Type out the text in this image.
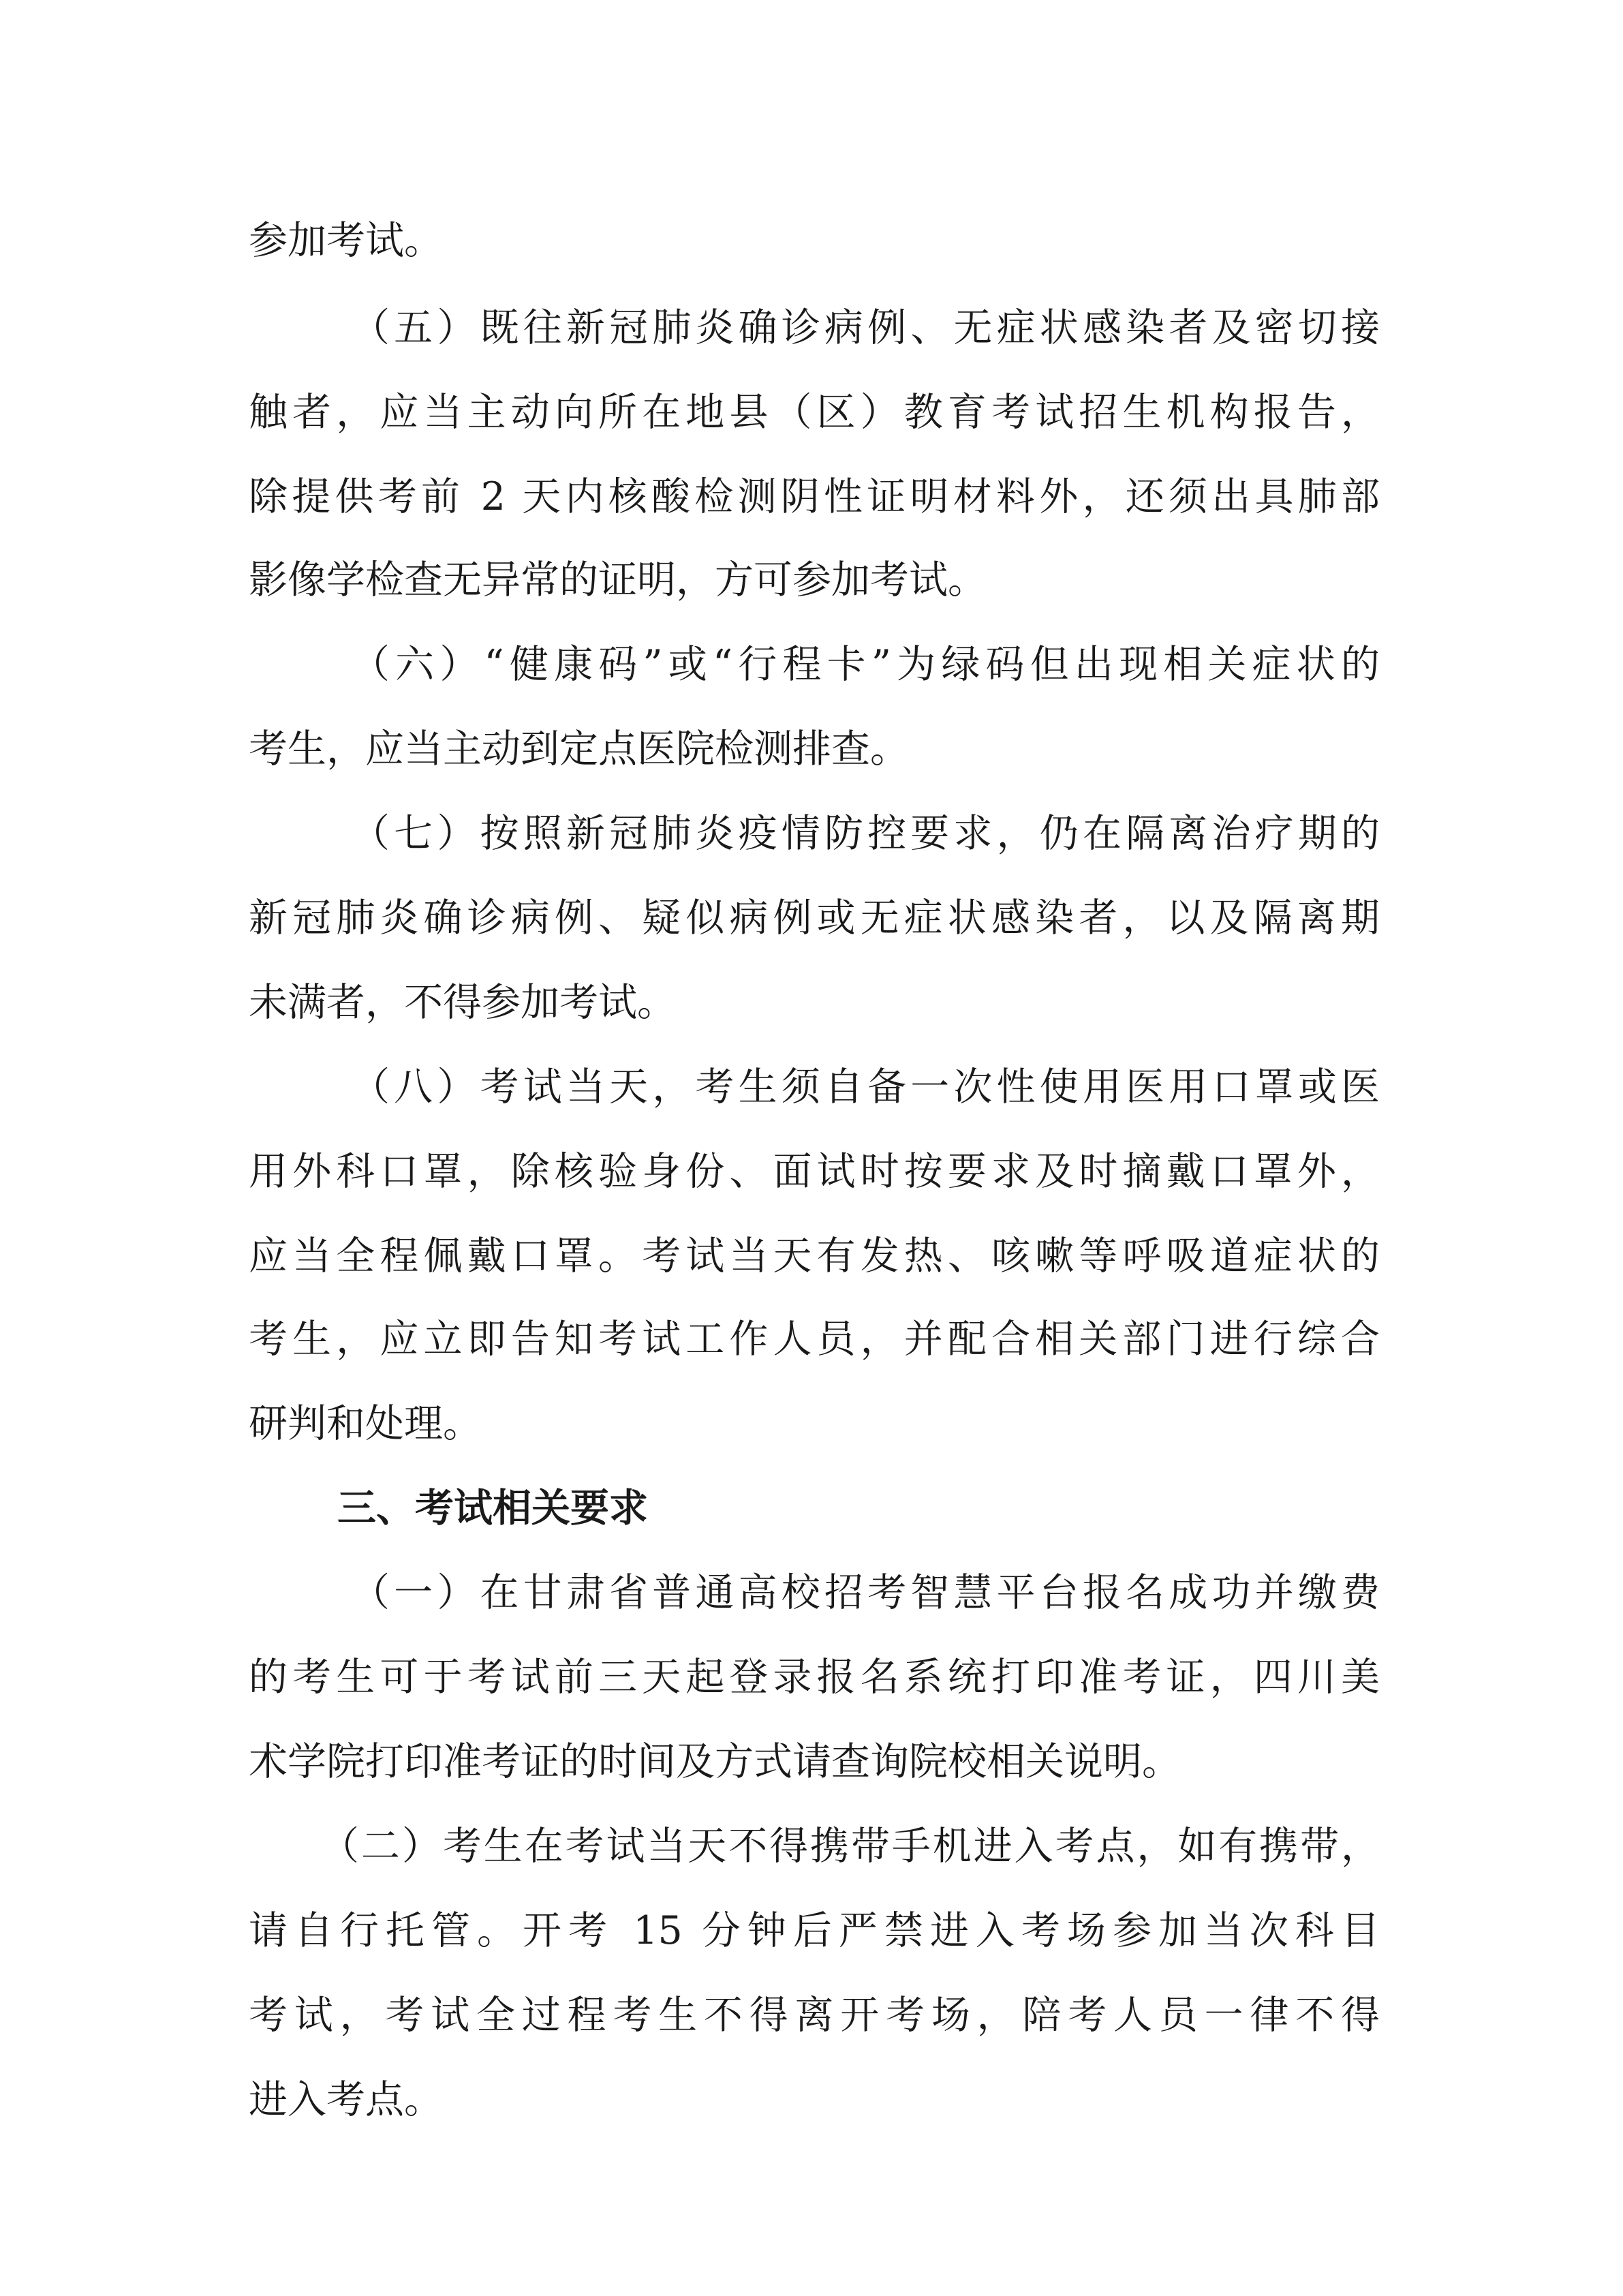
参加考试。
（五）既往新冠肺炎确诊病例、无症状感染者及密切接
触者，应当主动向所在地县（区）教育考试招生机构报告，
除提供考前 2 天内核酸检测阴性证明材料外，还须出具肺部
影像学检查无异常的证明，方可参加考试。
（六）“健康码”或“行程卡”为绿码但出现相关症状的
考生，应当主动到定点医院检测排查。
（七）按照新冠肺炎疫情防控要求，仍在隔离治疗期的
新冠肺炎确诊病例、疑似病例或无症状感染者，以及隔离期
未满者，不得参加考试。
（八）考试当天，考生须自备一次性使用医用口罩或医
用外科口罩，除核验身份、面试时按要求及时摘戴口罩外，
应当全程佩戴口罩。考试当天有发热、咳嗽等呼吸道症状的
考生，应立即告知考试工作人员，并配合相关部门进行综合
研判和处理。
三、考试相关要求
（一）在甘肃省普通高校招考智慧平台报名成功并缴费
的考生可于考试前三天起登录报名系统打印准考证，四川美
术学院打印准考证的时间及方式请查询院校相关说明。
（二）考生在考试当天不得携带手机进入考点，如有携带，
请自行托管。开考 15 分钟后严禁进入考场参加当次科目
考试，考试全过程考生不得离开考场，陪考人员一律不得
进入考点。
